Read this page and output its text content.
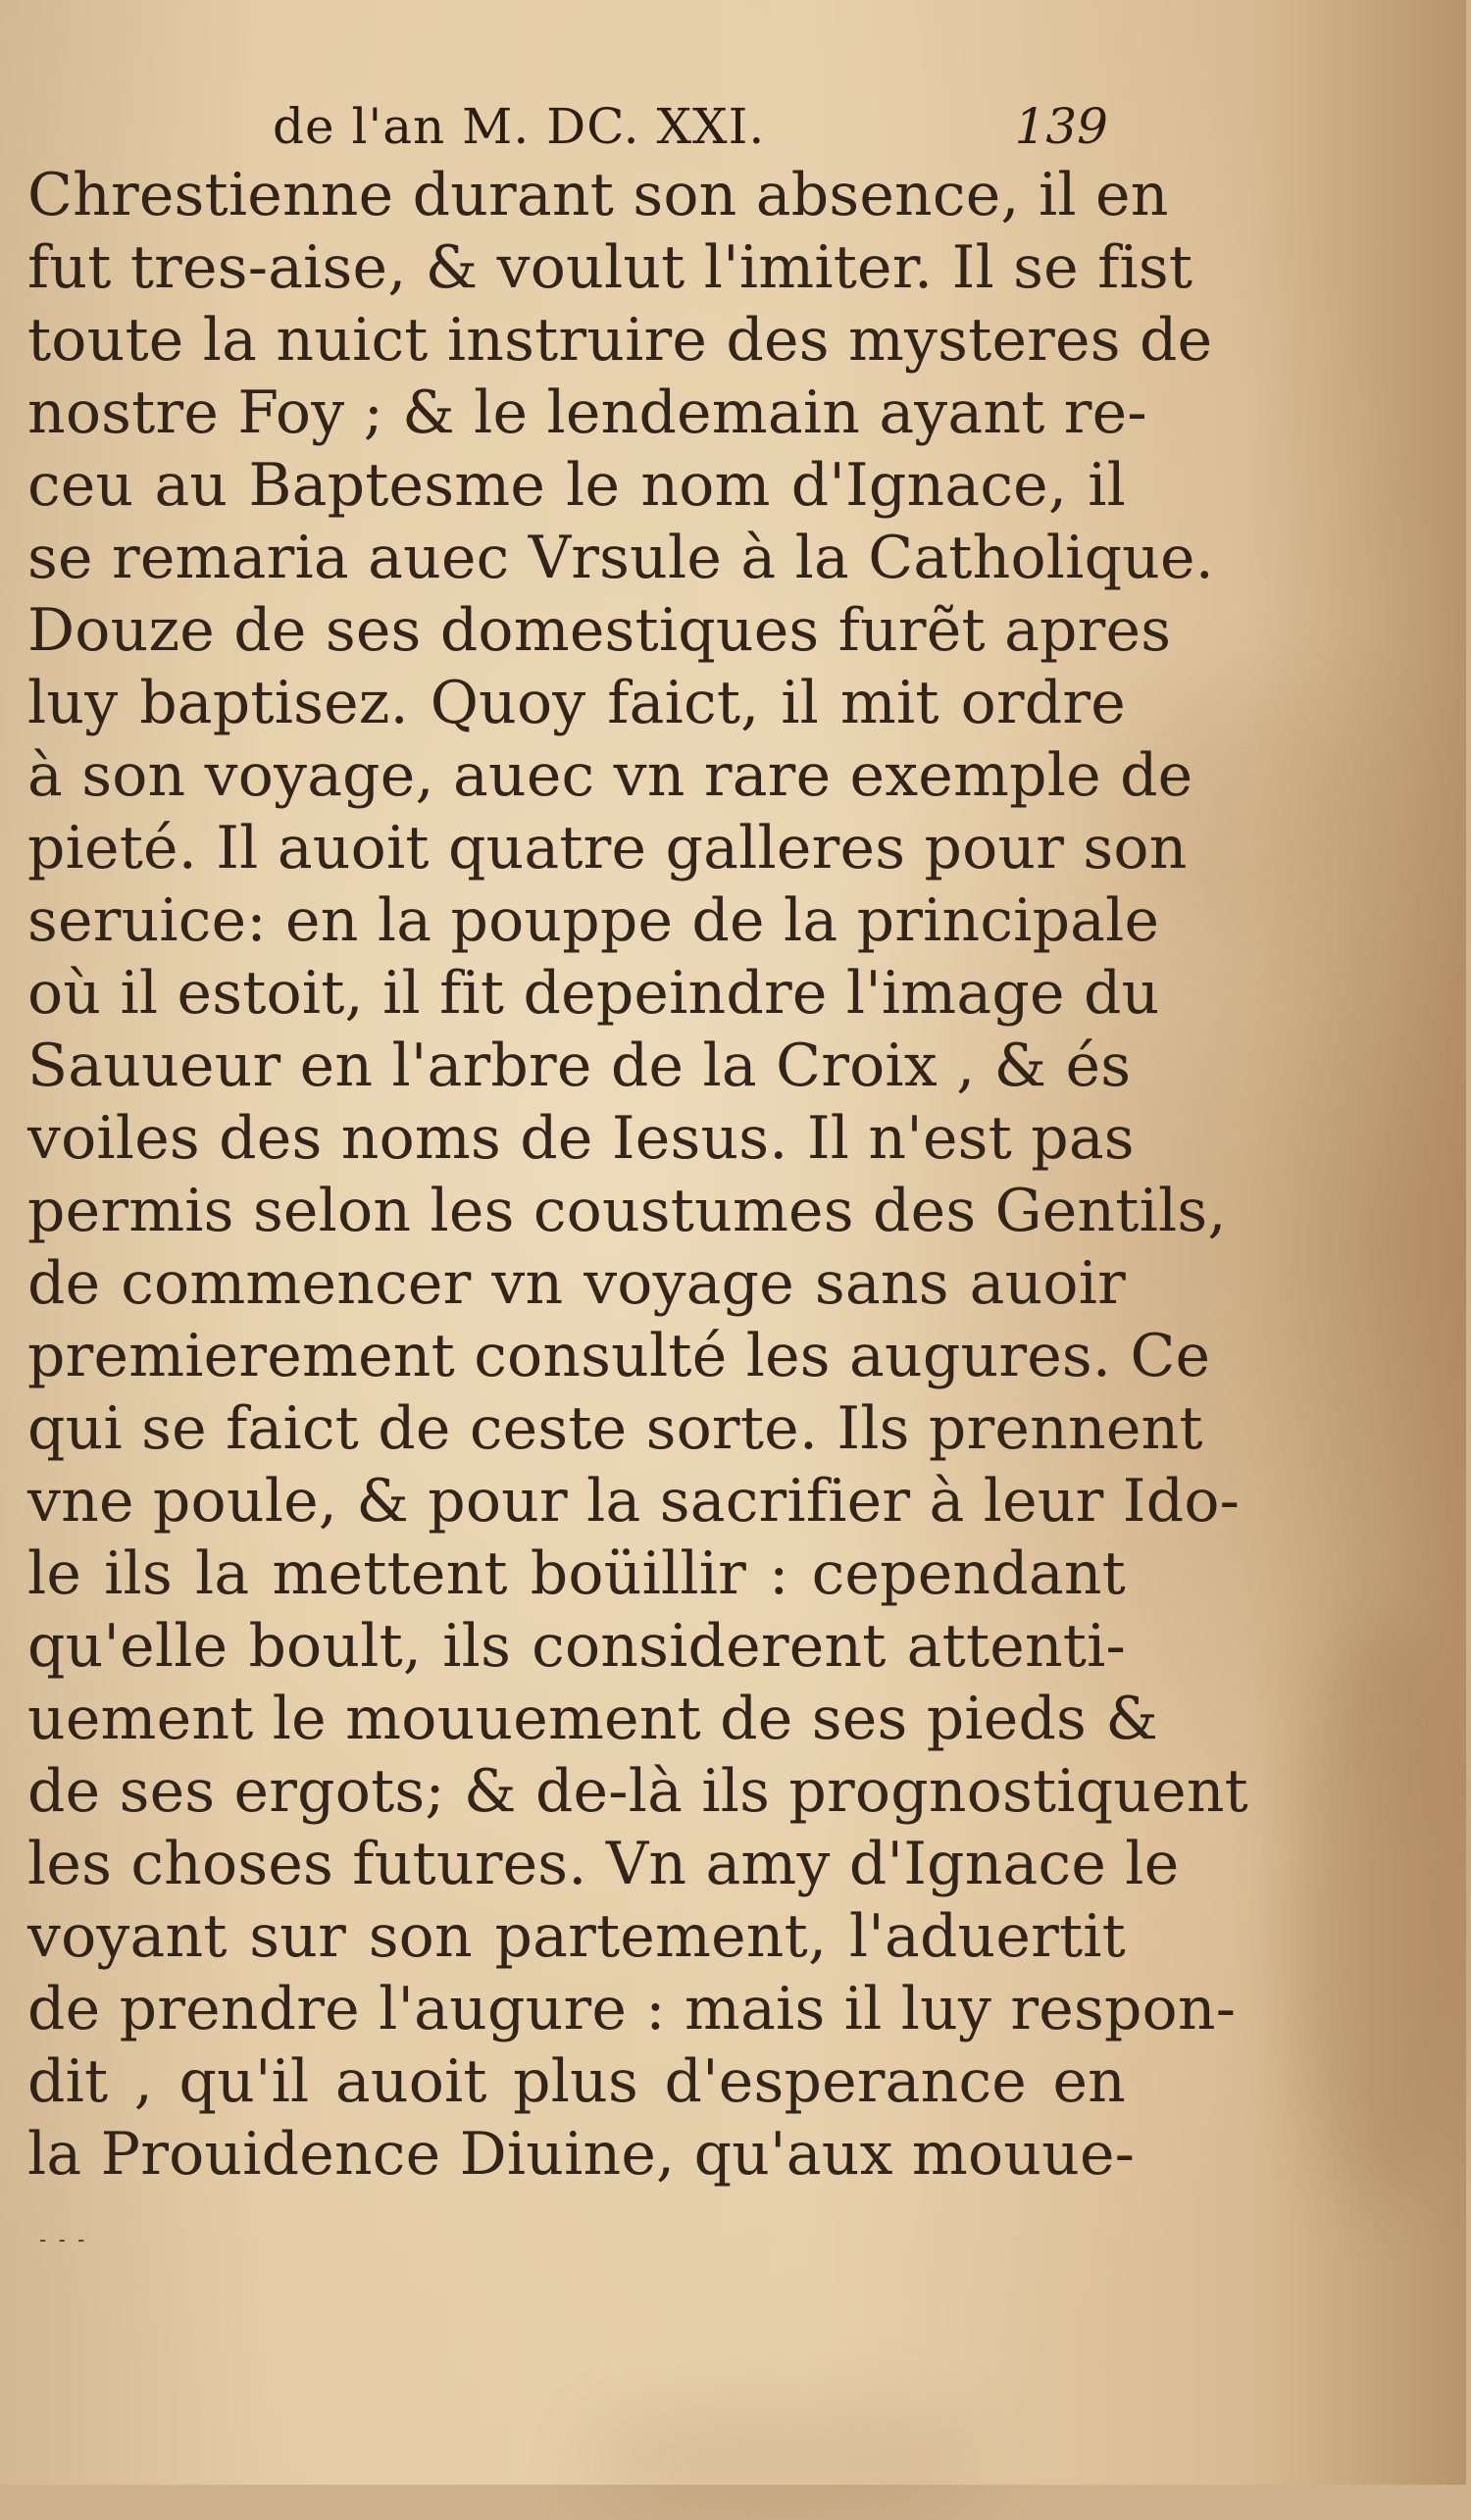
de l'an M. DC. XXI.	139
Chrestienne durant son absence, il en
fut tres-aise, & voulut l'imiter. Il se fist
toute la nuict instruire des mysteres de
nostre Foy ; & le lendemain ayant re-
ceu au Baptesme le nom d'Ignace, il
se remaria auec Vrsule à la Catholique.
Douze de ses domestiques furẽt apres
luy baptisez. Quoy faict, il mit ordre
à son voyage, auec vn rare exemple de
pieté. Il auoit quatre galleres pour son
seruice: en la pouppe de la principale
où il estoit, il fit depeindre l'image du
Sauueur en l'arbre de la Croix , & és
voiles des noms de Iesus. Il n'est pas
permis selon les coustumes des Gentils,
de commencer vn voyage sans auoir
premierement consulté les augures. Ce
qui se faict de ceste sorte. Ils prennent
vne poule, & pour la sacrifier à leur Ido-
le ils la mettent boüillir : cependant
qu'elle boult, ils considerent attenti-
uement le mouuement de ses pieds &
de ses ergots; & de-là ils prognostiquent
les choses futures. Vn amy d'Ignace le
voyant sur son partement, l'aduertit
de prendre l'augure : mais il luy respon-
dit , qu'il auoit plus d'esperance en
la Prouidence Diuine, qu'aux mouue-
- - -
